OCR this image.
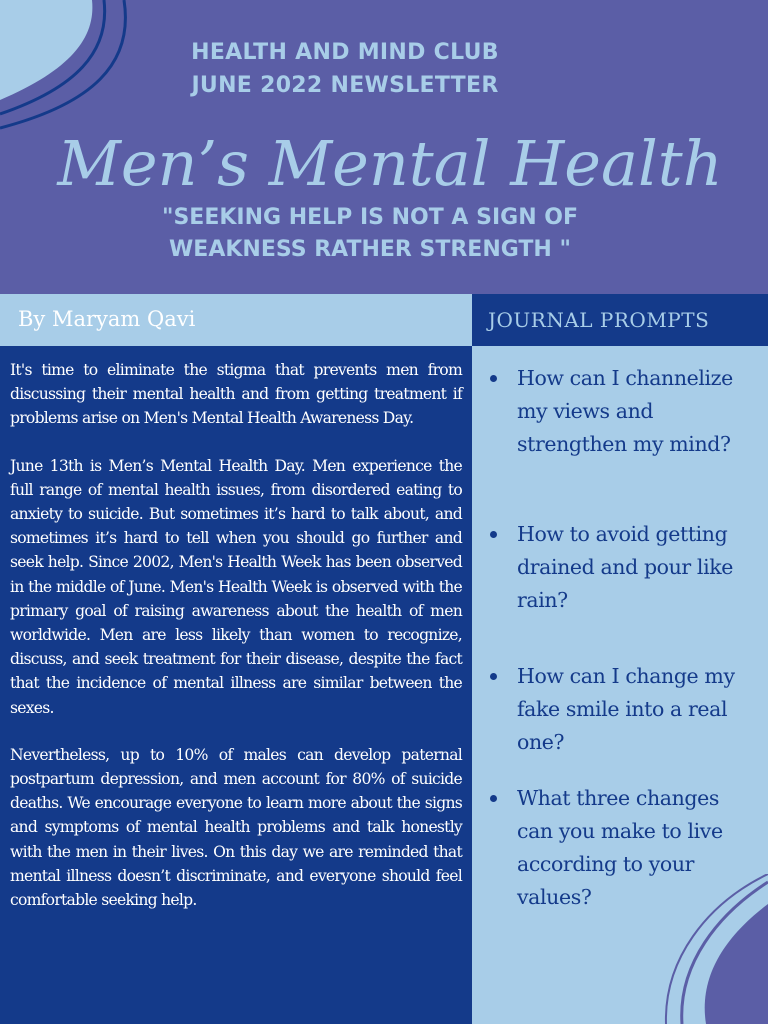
HEALTH AND MIND CLUB
JUNE 2022 NEWSLETTER
Men’s Mental Health
"SEEKING HELP IS NOT A SIGN OF
WEAKNESS RATHER STRENGTH "
By Maryam Qavi	JOURNAL PROMPTS

It's time to eliminate the stigma that prevents men from discussing their mental health and from getting treatment if problems arise on Men's Mental Health Awareness Day.

June 13th is Men’s Mental Health Day. Men experience the full range of mental health issues, from disordered eating to anxiety to suicide. But sometimes it’s hard to talk about, and sometimes it’s hard to tell when you should go further and seek help. Since 2002, Men's Health Week has been observed in the middle of June. Men's Health Week is observed with the primary goal of raising awareness about the health of men worldwide. Men are less likely than women to recognize, discuss, and seek treatment for their disease, despite the fact that the incidence of mental illness are similar between the sexes.

Nevertheless, up to 10% of males can develop paternal postpartum depression, and men account for 80% of suicide deaths. We encourage everyone to learn more about the signs and symptoms of mental health problems and talk honestly with the men in their lives. On this day we are reminded that mental illness doesn’t discriminate, and everyone should feel comfortable seeking help.

How can I channelize my views and strengthen my mind?
How to avoid getting drained and pour like rain?
How can I change my fake smile into a real one?
What three changes can you make to live according to your values?
